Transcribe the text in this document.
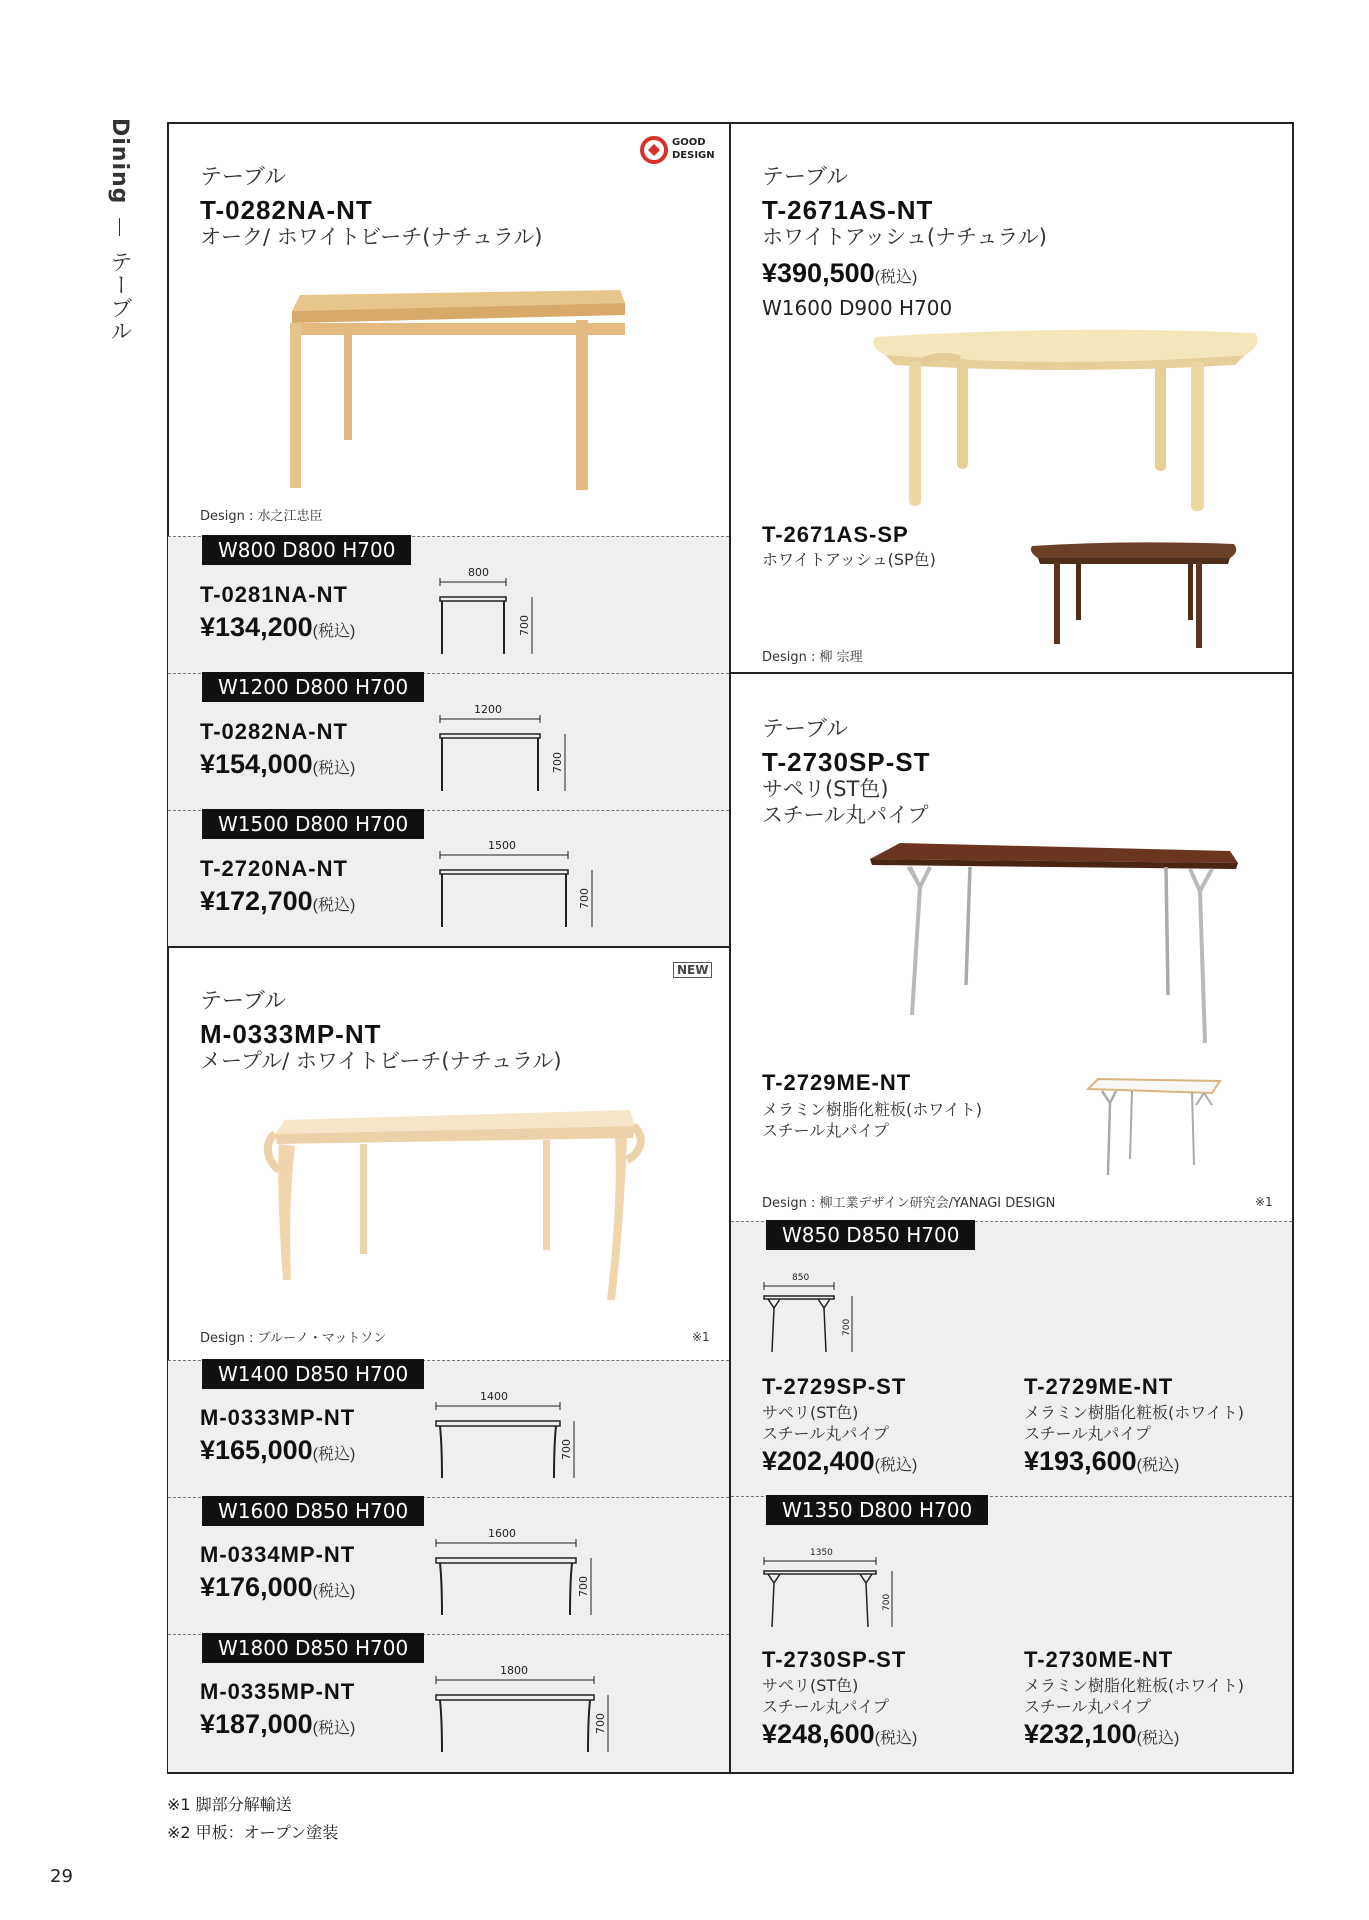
Dining  テーブル
GOOD
DESIGN
テーブル
T-0282NA-NT
オーク/ ホワイトビーチ(ナチュラル)
Design : 水之江忠臣
W800 D800 H700
T-0281NA-NT
¥134,200(税込)
800
700
W1200 D800 H700
T-0282NA-NT
¥154,000(税込)
1200
700
W1500 D800 H700
T-2720NA-NT
¥172,700(税込)
1500
700
NEW
テーブル
M-0333MP-NT
メープル/ ホワイトビーチ(ナチュラル)
Design : ブルーノ・マットソン	※1
W1400 D850 H700
M-0333MP-NT
¥165,000(税込)
1400
700
W1600 D850 H700
M-0334MP-NT
¥176,000(税込)
1600
700
W1800 D850 H700
M-0335MP-NT
¥187,000(税込)
1800
700
テーブル
T-2671AS-NT
ホワイトアッシュ(ナチュラル)
¥390,500(税込)
W1600 D900 H700
T-2671AS-SP
ホワイトアッシュ(SP色)
Design : 柳 宗理
テーブル
T-2730SP-ST
サペリ(ST色)
スチール丸パイプ
T-2729ME-NT
メラミン樹脂化粧板(ホワイト)
スチール丸パイプ
Design : 柳工業デザイン研究会/YANAGI DESIGN	※1
W850 D850 H700
850
700
T-2729SP-ST
サペリ(ST色)
スチール丸パイプ
¥202,400(税込)
T-2729ME-NT
メラミン樹脂化粧板(ホワイト)
スチール丸パイプ
¥193,600(税込)
W1350 D800 H700
1350
700
T-2730SP-ST
サペリ(ST色)
スチール丸パイプ
¥248,600(税込)
T-2730ME-NT
メラミン樹脂化粧板(ホワイト)
スチール丸パイプ
¥232,100(税込)
※1 脚部分解輸送
※2 甲板：オープン塗装
29
